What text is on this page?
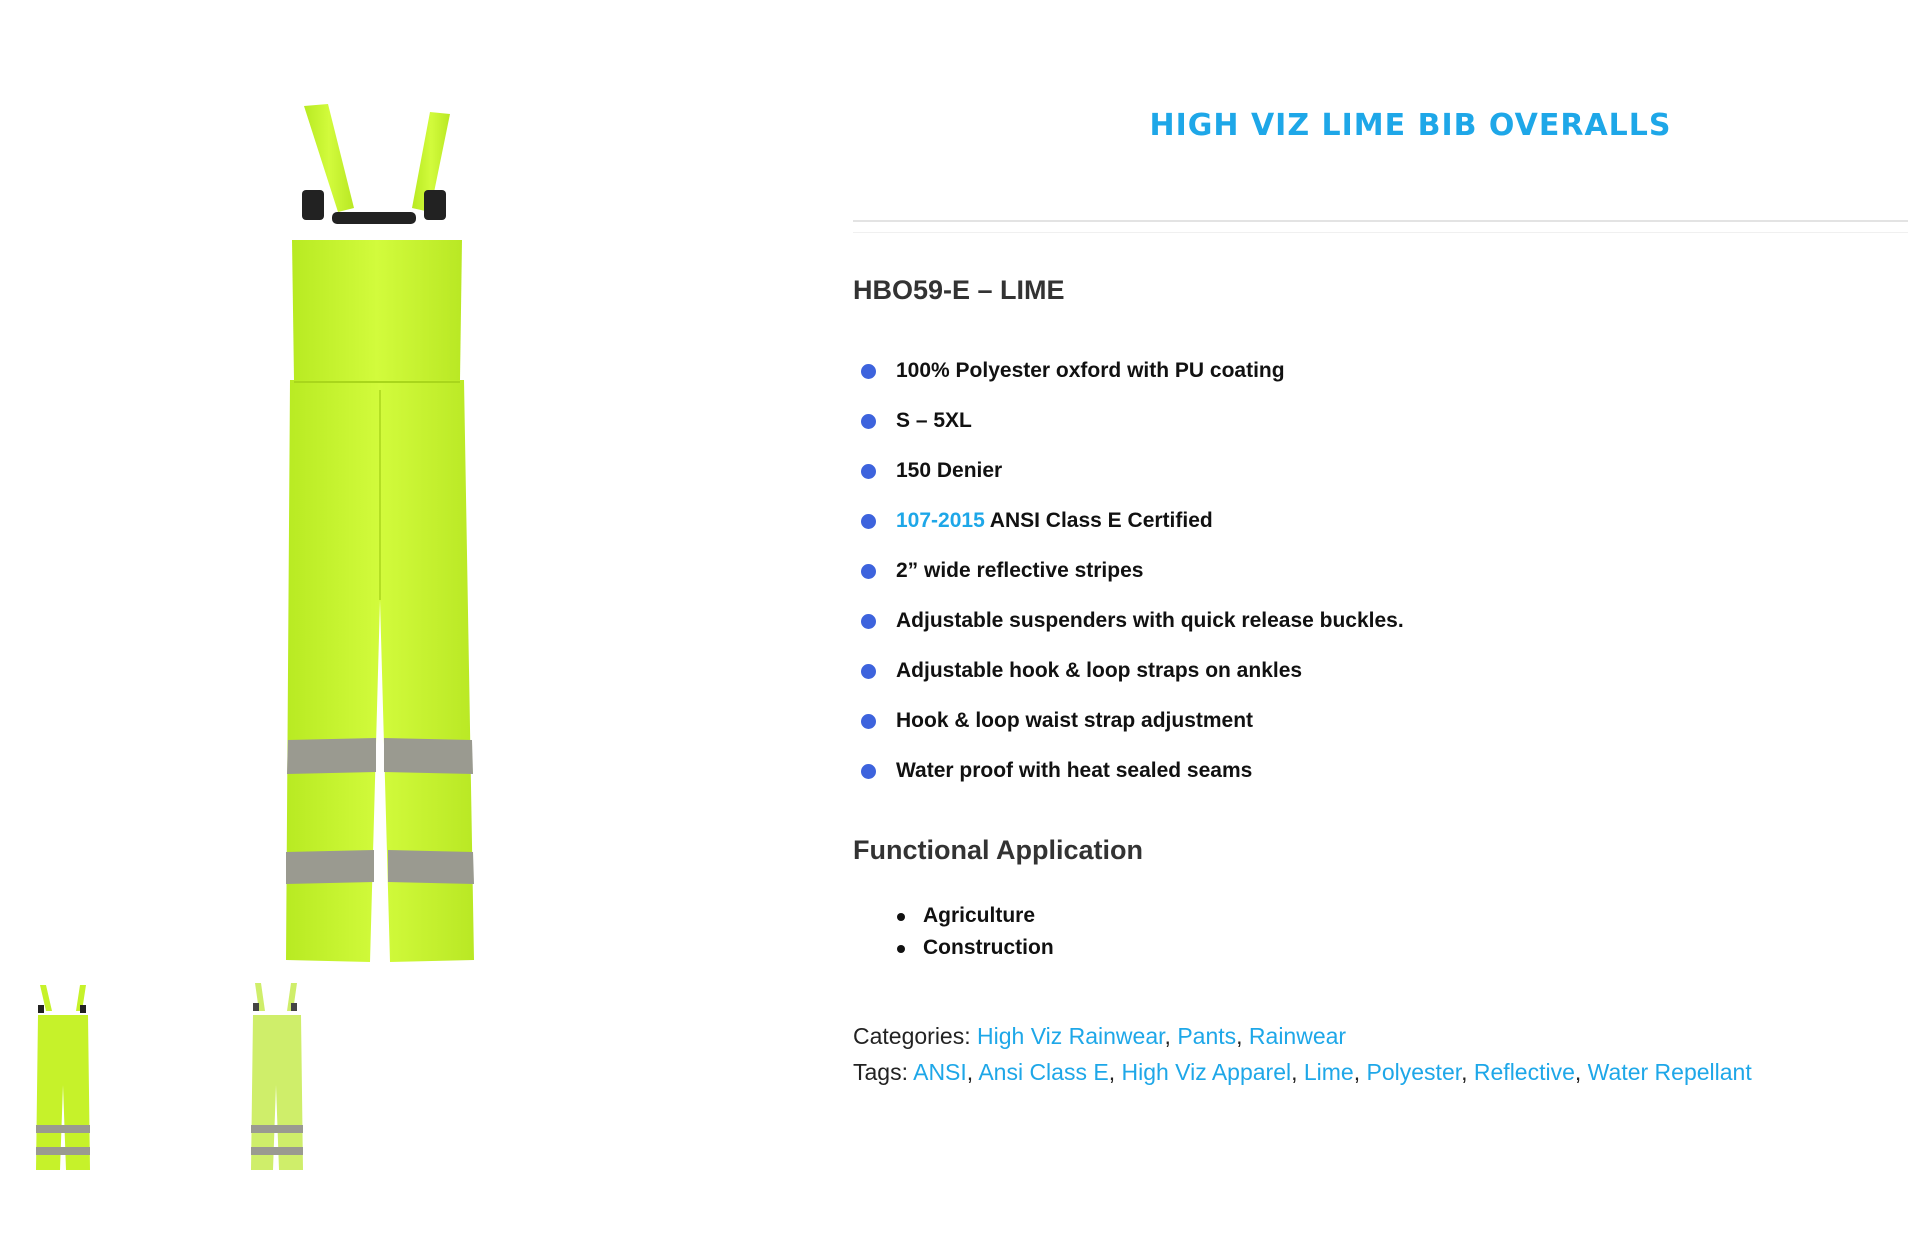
HIGH VIZ LIME BIB OVERALLS
HBO59-E – LIME
100% Polyester oxford with PU coating
S – 5XL
150 Denier
107-2015 ANSI Class E Certified
2” wide reflective stripes
Adjustable suspenders with quick release buckles.
Adjustable hook & loop straps on ankles
Hook & loop waist strap adjustment
Water proof with heat sealed seams
Functional Application
Agriculture
Construction
Categories: High Viz Rainwear, Pants, Rainwear
Tags: ANSI, Ansi Class E, High Viz Apparel, Lime, Polyester, Reflective, Water Repellant
